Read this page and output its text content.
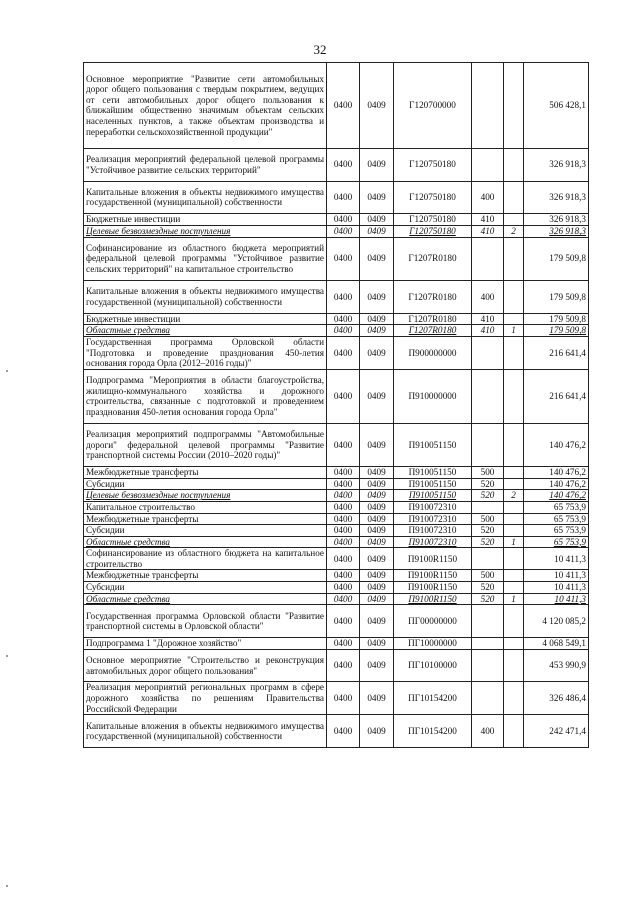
32
Основное мероприятие "Развитие сети автомобильных дорог общего пользования с твердым покрытием, ведущих от сети автомобильных дорог общего пользования к ближайшим общественно значимым объектам сельских населенных пунктов, а также объектам производства и переработки сельскохозяйственной продукции"	0400	0409	Г120700000			506 428,1
Реализация мероприятий федеральной целевой программы "Устойчивое развитие сельских территорий"	0400	0409	Г120750180			326 918,3
Капитальные вложения в объекты недвижимого имущества государственной (муниципальной) собственности	0400	0409	Г120750180	400		326 918,3
Бюджетные инвестиции	0400	0409	Г120750180	410		326 918,3
Целевые безвозмездные поступления	0400	0409	Г120750180	410	2	326 918,3
Софинансирование из областного бюджета мероприятий федеральной целевой программы "Устойчивое развитие сельских территорий" на капитальное строительство	0400	0409	Г1207R0180			179 509,8
Капитальные вложения в объекты недвижимого имущества государственной (муниципальной) собственности	0400	0409	Г1207R0180	400		179 509,8
Бюджетные инвестиции	0400	0409	Г1207R0180	410		179 509,8
Областные средства	0400	0409	Г1207R0180	410	1	179 509,8
Государственная программа Орловской области "Подготовка и проведение празднования 450-летия основания города Орла (2012–2016 годы)"	0400	0409	П900000000			216 641,4
Подпрограмма "Мероприятия в области благоустройства, жилищно-коммунального хозяйства и дорожного строительства, связанные с подготовкой и проведением празднования 450-летия основания города Орла"	0400	0409	П910000000			216 641,4
Реализация мероприятий подпрограммы "Автомобильные дороги" федеральной целевой программы "Развитие транспортной системы России (2010–2020 годы)"	0400	0409	П910051150			140 476,2
Межбюджетные трансферты	0400	0409	П910051150	500		140 476,2
Субсидии	0400	0409	П910051150	520		140 476,2
Целевые безвозмездные поступления	0400	0409	П910051150	520	2	140 476,2
Капитальное строительство	0400	0409	П910072310			65 753,9
Межбюджетные трансферты	0400	0409	П910072310	500		65 753,9
Субсидии	0400	0409	П910072310	520		65 753,9
Областные средства	0400	0409	П910072310	520	1	65 753,9
Софинансирование из областного бюджета на капитальное строительство	0400	0409	П9100R1150			10 411,3
Межбюджетные трансферты	0400	0409	П9100R1150	500		10 411,3
Субсидии	0400	0409	П9100R1150	520		10 411,3
Областные средства	0400	0409	П9100R1150	520	1	10 411,3
Государственная программа Орловской области "Развитие транспортной системы в Орловской области"	0400	0409	ПГ00000000			4 120 085,2
Подпрограмма 1 "Дорожное хозяйство"	0400	0409	ПГ10000000			4 068 549,1
Основное мероприятие "Строительство и реконструкция автомобильных дорог общего пользования"	0400	0409	ПГ10100000			453 990,9
Реализация мероприятий региональных программ в сфере дорожного хозяйства по решениям Правительства Российской Федерации	0400	0409	ПГ10154200			326 486,4
Капитальные вложения в объекты недвижимого имущества государственной (муниципальной) собственности	0400	0409	ПГ10154200	400		242 471,4
